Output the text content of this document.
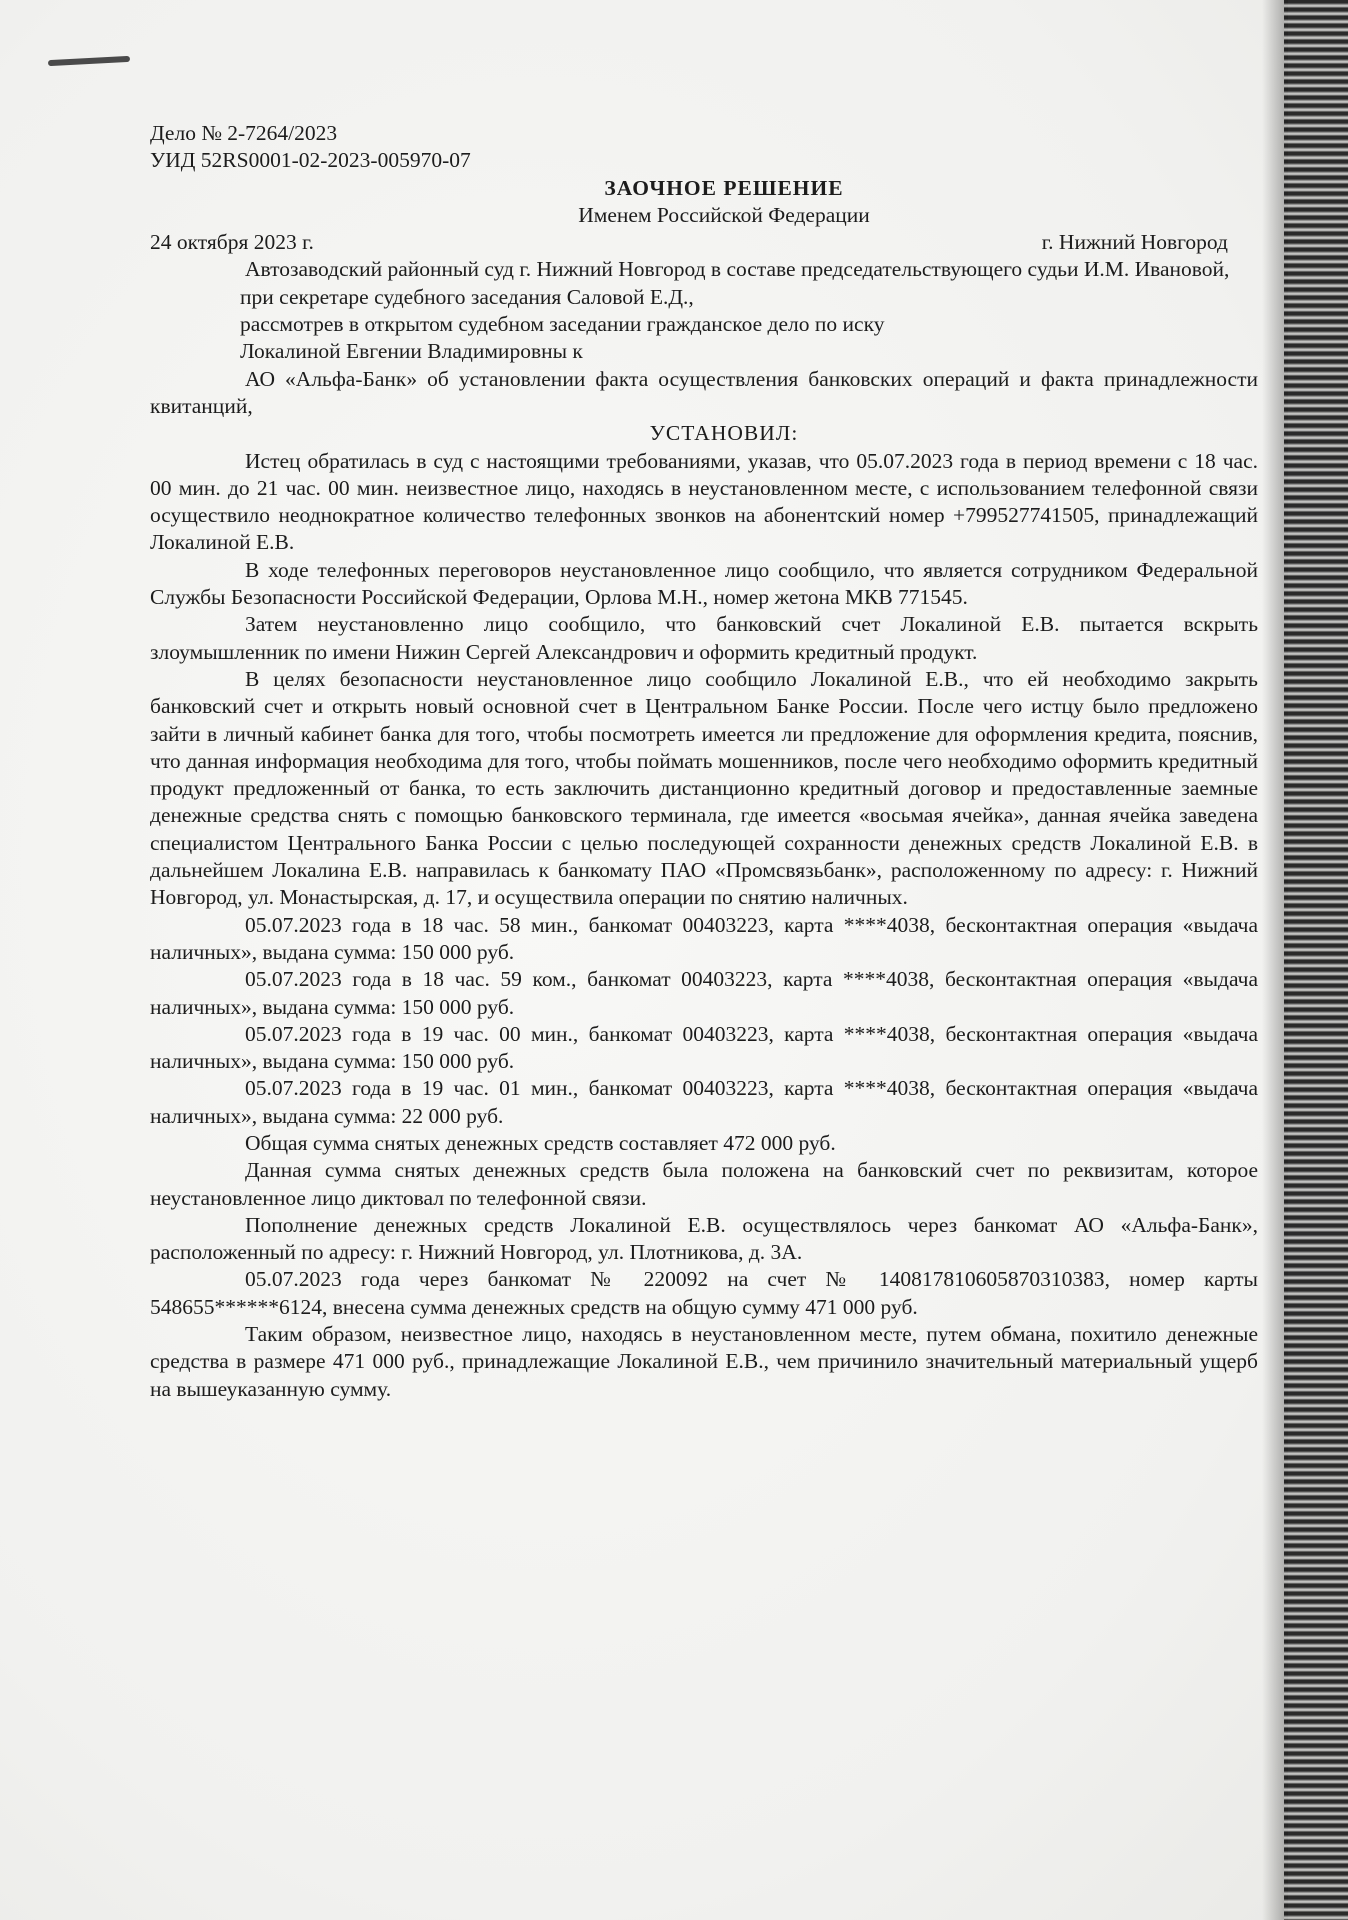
Дело № 2-7264/2023

УИД 52RS0001-02-2023-005970-07

ЗАОЧНОЕ РЕШЕНИЕ

Именем Российской Федерации

24 октября 2023 г.	г. Нижний Новгород

Автозаводский районный суд г. Нижний Новгород в составе председательствующего судьи И.М. Ивановой,

при секретаре судебного заседания Саловой Е.Д.,

рассмотрев в открытом судебном заседании гражданское дело по иску

Локалиной Евгении Владимировны к

АО «Альфа-Банк» об установлении факта осуществления банковских операций и факта принадлежности квитанций,

УСТАНОВИЛ:

Истец обратилась в суд с настоящими требованиями, указав, что 05.07.2023 года в период времени с 18 час. 00 мин. до 21 час. 00 мин. неизвестное лицо, находясь в неустановленном месте, с использованием телефонной связи осуществило неоднократное количество телефонных звонков на абонентский номер +799527741505, принадлежащий Локалиной Е.В.

В ходе телефонных переговоров неустановленное лицо сообщило, что является сотрудником Федеральной Службы Безопасности Российской Федерации, Орлова М.Н., номер жетона МКВ 771545.

Затем неустановленно лицо сообщило, что банковский счет Локалиной Е.В. пытается вскрыть злоумышленник по имени Нижин Сергей Александрович и оформить кредитный продукт.

В целях безопасности неустановленное лицо сообщило Локалиной Е.В., что ей необходимо закрыть банковский счет и открыть новый основной счет в Центральном Банке России. После чего истцу было предложено зайти в личный кабинет банка для того, чтобы посмотреть имеется ли предложение для оформления кредита, пояснив, что данная информация необходима для того, чтобы поймать мошенников, после чего необходимо оформить кредитный продукт предложенный от банка, то есть заключить дистанционно кредитный договор и предоставленные заемные денежные средства снять с помощью банковского терминала, где имеется «восьмая ячейка», данная ячейка заведена специалистом Центрального Банка России с целью последующей сохранности денежных средств Локалиной Е.В. в дальнейшем Локалина Е.В. направилась к банкомату ПАО «Промсвязьбанк», расположенному по адресу: г. Нижний Новгород, ул. Монастырская, д. 17, и осуществила операции по снятию наличных.

05.07.2023 года в 18 час. 58 мин., банкомат 00403223, карта ****4038, бесконтактная операция «выдача наличных», выдана сумма: 150 000 руб.

05.07.2023 года в 18 час. 59 ком., банкомат 00403223, карта ****4038, бесконтактная операция «выдача наличных», выдана сумма: 150 000 руб.

05.07.2023 года в 19 час. 00 мин., банкомат 00403223, карта ****4038, бесконтактная операция «выдача наличных», выдана сумма: 150 000 руб.

05.07.2023 года в 19 час. 01 мин., банкомат 00403223, карта ****4038, бесконтактная операция «выдача наличных», выдана сумма: 22 000 руб.

Общая сумма снятых денежных средств составляет 472 000 руб.

Данная сумма снятых денежных средств была положена на банковский счет по реквизитам, которое неустановленное лицо диктовал по телефонной связи.

Пополнение денежных средств Локалиной Е.В. осуществлялось через банкомат АО «Альфа-Банк», расположенный по адресу: г. Нижний Новгород, ул. Плотникова, д. 3А.

05.07.2023 года через банкомат № 220092 на счет № 14081781060587031038З, номер карты 548655******6124, внесена сумма денежных средств на общую сумму 471 000 руб.

Таким образом, неизвестное лицо, находясь в неустановленном месте, путем обмана, похитило денежные средства в размере 471 000 руб., принадлежащие Локалиной Е.В., чем причинило значительный материальный ущерб на вышеуказанную сумму.
